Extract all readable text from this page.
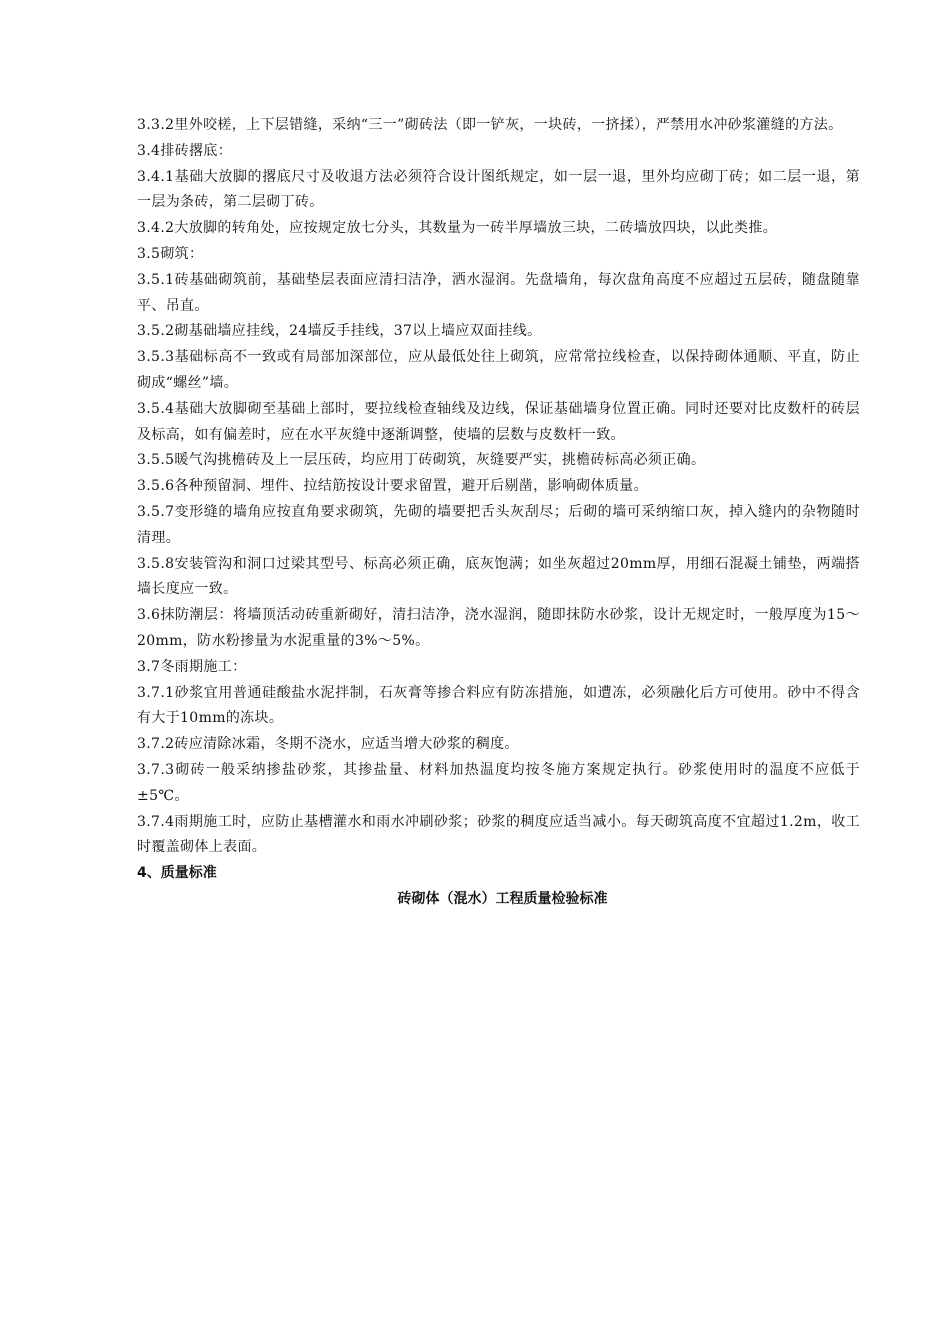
3.3.2里外咬槎，上下层错缝，采纳“三一”砌砖法（即一铲灰，一块砖，一挤揉），严禁用水冲砂浆灌缝的方法。

3.4排砖撂底：

3.4.1基础大放脚的撂底尺寸及收退方法必须符合设计图纸规定，如一层一退，里外均应砌丁砖；如二层一退，第一层为条砖，第二层砌丁砖。

3.4.2大放脚的转角处，应按规定放七分头，其数量为一砖半厚墙放三块，二砖墙放四块，以此类推。

3.5砌筑：

3.5.1砖基础砌筑前，基础垫层表面应清扫洁净，洒水湿润。先盘墙角，每次盘角高度不应超过五层砖，随盘随靠平、吊直。

3.5.2砌基础墙应挂线，24墙反手挂线，37以上墙应双面挂线。

3.5.3基础标高不一致或有局部加深部位，应从最低处往上砌筑，应常常拉线检查，以保持砌体通顺、平直，防止砌成“螺丝”墙。

3.5.4基础大放脚砌至基础上部时，要拉线检查轴线及边线，保证基础墙身位置正确。同时还要对比皮数杆的砖层及标高，如有偏差时，应在水平灰缝中逐渐调整，使墙的层数与皮数杆一致。

3.5.5暖气沟挑檐砖及上一层压砖，均应用丁砖砌筑，灰缝要严实，挑檐砖标高必须正确。

3.5.6各种预留洞、埋件、拉结筋按设计要求留置，避开后剔凿，影响砌体质量。

3.5.7变形缝的墙角应按直角要求砌筑，先砌的墙要把舌头灰刮尽；后砌的墙可采纳缩口灰，掉入缝内的杂物随时清理。

3.5.8安装管沟和洞口过梁其型号、标高必须正确，底灰饱满；如坐灰超过20mm厚，用细石混凝土铺垫，两端搭墙长度应一致。

3.6抹防潮层：将墙顶活动砖重新砌好，清扫洁净，浇水湿润，随即抹防水砂浆，设计无规定时，一般厚度为15～20mm，防水粉掺量为水泥重量的3%～5%。

3.7冬雨期施工：

3.7.1砂浆宜用普通硅酸盐水泥拌制，石灰膏等掺合料应有防冻措施，如遭冻，必须融化后方可使用。砂中不得含有大于10mm的冻块。

3.7.2砖应清除冰霜，冬期不浇水，应适当增大砂浆的稠度。

3.7.3砌砖一般采纳掺盐砂浆，其掺盐量、材料加热温度均按冬施方案规定执行。砂浆使用时的温度不应低于±5℃。

3.7.4雨期施工时，应防止基槽灌水和雨水冲刷砂浆；砂浆的稠度应适当减小。每天砌筑高度不宜超过1.2m，收工时覆盖砌体上表面。

4、质量标准

砖砌体（混水）工程质量检验标准
